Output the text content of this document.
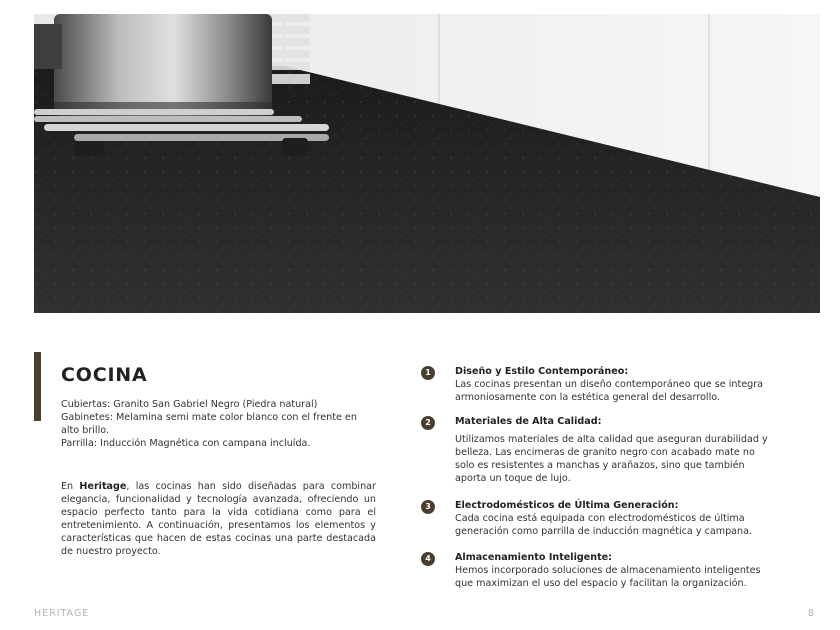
COCINA
Cubiertas: Granito San Gabriel Negro (Piedra natural)
Gabinetes: Melamina semi mate color blanco con el frente en alto brillo.
Parrilla: Inducción Magnética con campana incluída.

En Heritage, las cocinas han sido diseñadas para combinar elegancia, funcionalidad y tecnología avanzada, ofreciendo un espacio perfecto tanto para la vida cotidiana como para el entretenimiento. A continuación, presentamos los elementos y características que hacen de estas cocinas una parte destacada de nuestro proyecto.

1	Diseño y Estilo Contemporáneo:

Las cocinas presentan un diseño contemporáneo que se integra armoniosamente con la estética general del desarrollo.

2	Materiales de Alta Calidad:

Utilizamos materiales de alta calidad que aseguran durabilidad y belleza. Las encimeras de granito negro con acabado mate no solo es resistentes a manchas y arañazos, sino que también aporta un toque de lujo.

3	Electrodomésticos de Última Generación:

Cada cocina está equipada con electrodomésticos de última generación como parrilla de inducción magnética y campana.

4	Almacenamiento Inteligente:

Hemos incorporado soluciones de almacenamiento inteligentes que maximizan el uso del espacio y facilitan la organización.

HERITAGE	8
